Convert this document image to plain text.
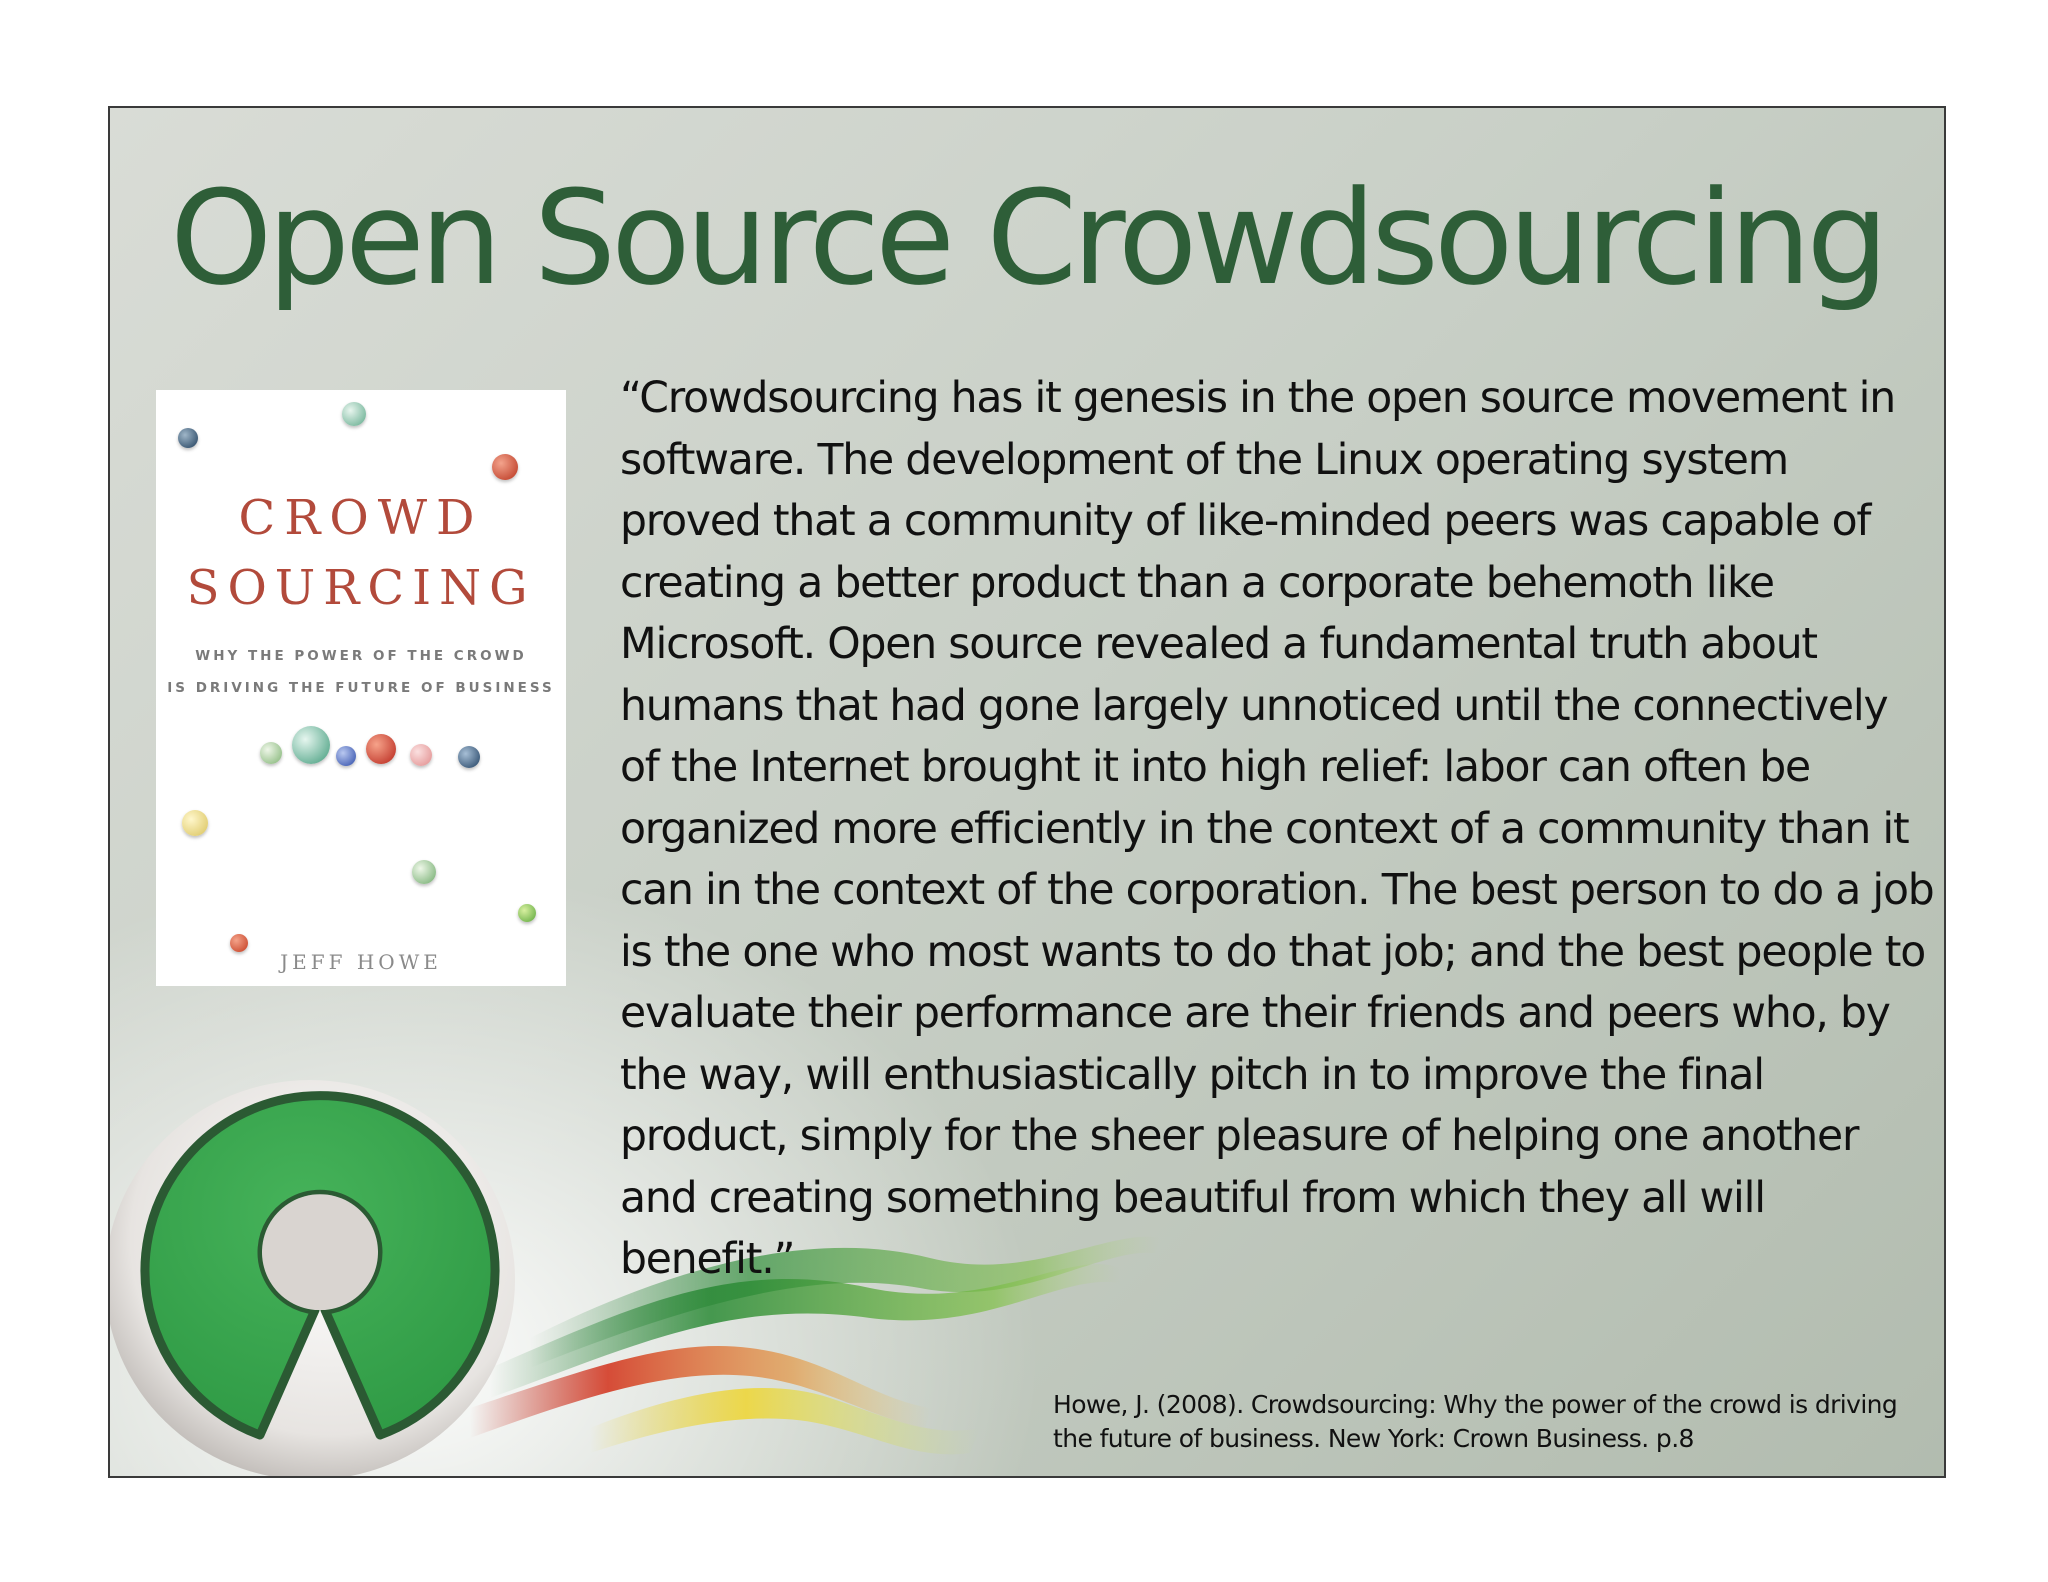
Open Source Crowdsourcing
CROWD
SOURCING
WHY THE POWER OF THE CROWD
IS DRIVING THE FUTURE OF BUSINESS
JEFF HOWE

“Crowdsourcing has it genesis in the open source movement in software. The development of the Linux operating system proved that a community of like-minded peers was capable of creating a better product than a corporate behemoth like Microsoft. Open source revealed a fundamental truth about humans that had gone largely unnoticed until the connectively of the Internet brought it into high relief: labor can often be organized more efficiently in the context of a community than it can in the context of the corporation. The best person to do a job is the one who most wants to do that job; and the best people to evaluate their performance are their friends and peers who, by the way, will enthusiastically pitch in to improve the final product, simply for the sheer pleasure of helping one another and creating something beautiful from which they all will benefit.”

Howe, J. (2008). Crowdsourcing: Why the power of the crowd is driving
the future of business. New York: Crown Business. p.8
